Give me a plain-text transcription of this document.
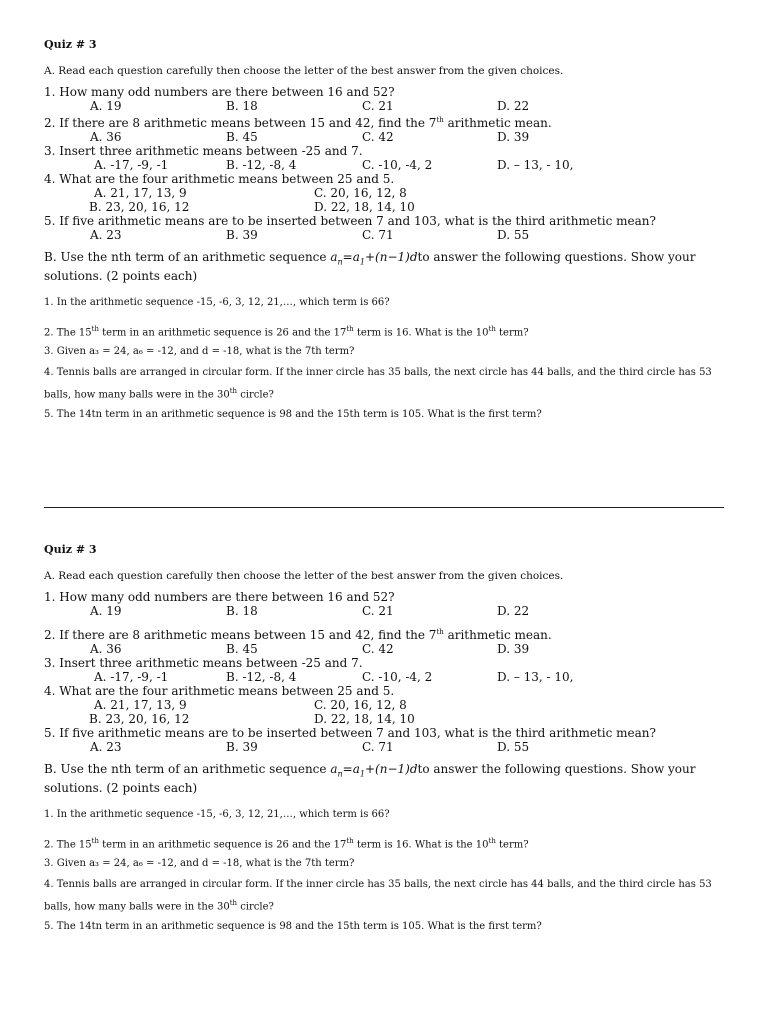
Quiz # 3
A. Read each question carefully then choose the letter of the best answer from the given choices.
1. How many odd numbers are there between 16 and 52?
A. 19	B. 18	C. 21	D. 22
2. If there are 8 arithmetic means between 15 and 42, find the 7th arithmetic mean.
A. 36	B. 45	C. 42	D. 39
3. Insert three arithmetic means between -25 and 7.
A. -17, -9, -1	B. -12, -8, 4	C. -10, -4, 2	D. – 13, - 10,
4. What are the four arithmetic means between 25 and 5.
A. 21, 17, 13, 9	C. 20, 16, 12, 8
B. 23, 20, 16, 12	D. 22, 18, 14, 10
5. If five arithmetic means are to be inserted between 7 and 103, what is the third arithmetic mean?
A. 23	B. 39	C. 71	D. 55
B. Use the nth term of an arithmetic sequence $a_n=a_1+(n-1)dto$ answer the following questions. Show your solutions. (2 points each)
1. In the arithmetic sequence -15, -6, 3, 12, 21,…, which term is 66?
2. The 15th term in an arithmetic sequence is 26 and the 17th term is 16. What is the 10th term?
3. Given a₃ = 24, a₆ = -12, and d = -18, what is the 7th term?
4. Tennis balls are arranged in circular form. If the inner circle has 35 balls, the next circle has 44 balls, and the third circle has 53 balls, how many balls were in the 30th circle?
5. The 14tn term in an arithmetic sequence is 98 and the 15th term is 105. What is the first term?
Quiz # 3
A. Read each question carefully then choose the letter of the best answer from the given choices.
1. How many odd numbers are there between 16 and 52?
A. 19	B. 18	C. 21	D. 22
2. If there are 8 arithmetic means between 15 and 42, find the 7th arithmetic mean.
A. 36	B. 45	C. 42	D. 39
3. Insert three arithmetic means between -25 and 7.
A. -17, -9, -1	B. -12, -8, 4	C. -10, -4, 2	D. – 13, - 10,
4. What are the four arithmetic means between 25 and 5.
A. 21, 17, 13, 9	C. 20, 16, 12, 8
B. 23, 20, 16, 12	D. 22, 18, 14, 10
5. If five arithmetic means are to be inserted between 7 and 103, what is the third arithmetic mean?
A. 23	B. 39	C. 71	D. 55
B. Use the nth term of an arithmetic sequence $a_n=a_1+(n-1)dto$ answer the following questions. Show your solutions. (2 points each)
1. In the arithmetic sequence -15, -6, 3, 12, 21,…, which term is 66?
2. The 15th term in an arithmetic sequence is 26 and the 17th term is 16. What is the 10th term?
3. Given a₃ = 24, a₆ = -12, and d = -18, what is the 7th term?
4. Tennis balls are arranged in circular form. If the inner circle has 35 balls, the next circle has 44 balls, and the third circle has 53 balls, how many balls were in the 30th circle?
5. The 14tn term in an arithmetic sequence is 98 and the 15th term is 105. What is the first term?
